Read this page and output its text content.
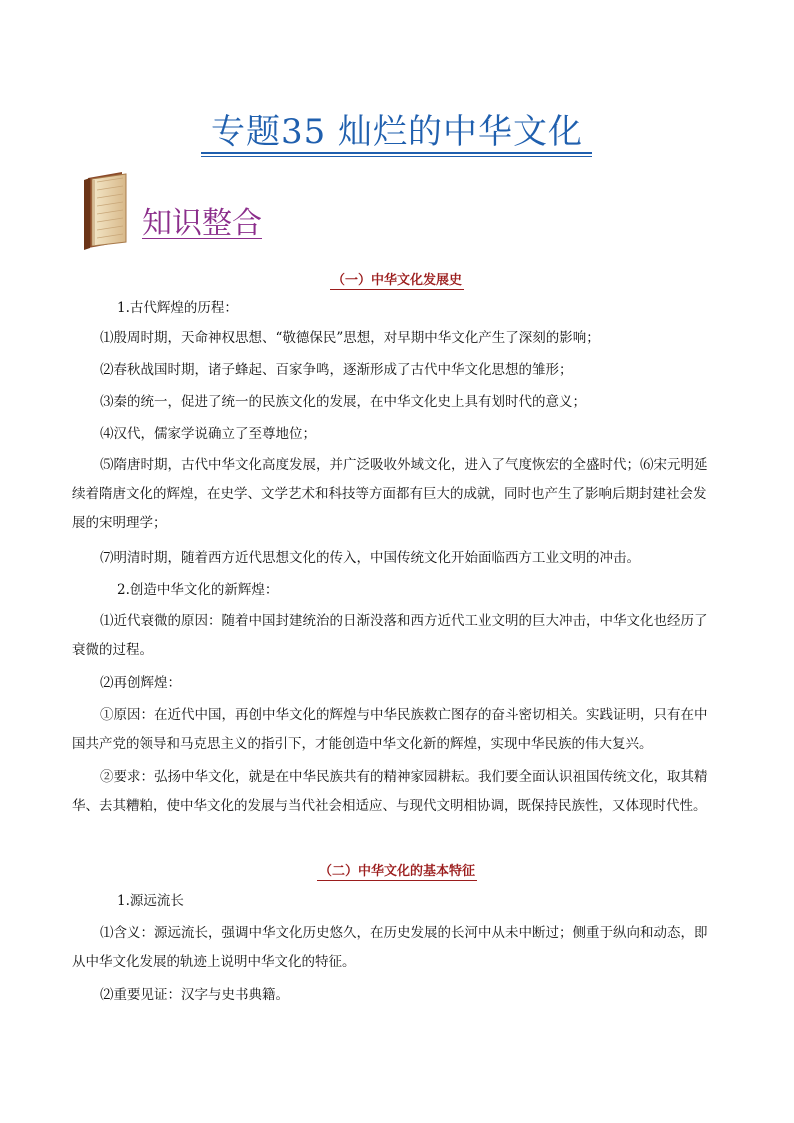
专题35 灿烂的中华文化
知识整合
（一）中华文化发展史
1.古代辉煌的历程：
⑴殷周时期，天命神权思想、“敬德保民”思想，对早期中华文化产生了深刻的影响；
⑵春秋战国时期，诸子蜂起、百家争鸣，逐渐形成了古代中华文化思想的雏形；
⑶秦的统一，促进了统一的民族文化的发展，在中华文化史上具有划时代的意义；
⑷汉代，儒家学说确立了至尊地位；
⑸隋唐时期，古代中华文化高度发展，并广泛吸收外域文化，进入了气度恢宏的全盛时代；⑹宋元明延续着隋唐文化的辉煌，在史学、文学艺术和科技等方面都有巨大的成就，同时也产生了影响后期封建社会发展的宋明理学；
⑺明清时期，随着西方近代思想文化的传入，中国传统文化开始面临西方工业文明的冲击。
2.创造中华文化的新辉煌：
⑴近代衰微的原因：随着中国封建统治的日渐没落和西方近代工业文明的巨大冲击，中华文化也经历了衰微的过程。
⑵再创辉煌：
①原因：在近代中国，再创中华文化的辉煌与中华民族救亡图存的奋斗密切相关。实践证明，只有在中国共产党的领导和马克思主义的指引下，才能创造中华文化新的辉煌，实现中华民族的伟大复兴。
②要求：弘扬中华文化，就是在中华民族共有的精神家园耕耘。我们要全面认识祖国传统文化，取其精华、去其糟粕，使中华文化的发展与当代社会相适应、与现代文明相协调，既保持民族性，又体现时代性。
（二）中华文化的基本特征
1.源远流长
⑴含义：源远流长，强调中华文化历史悠久，在历史发展的长河中从未中断过；侧重于纵向和动态，即从中华文化发展的轨迹上说明中华文化的特征。
⑵重要见证：汉字与史书典籍。
